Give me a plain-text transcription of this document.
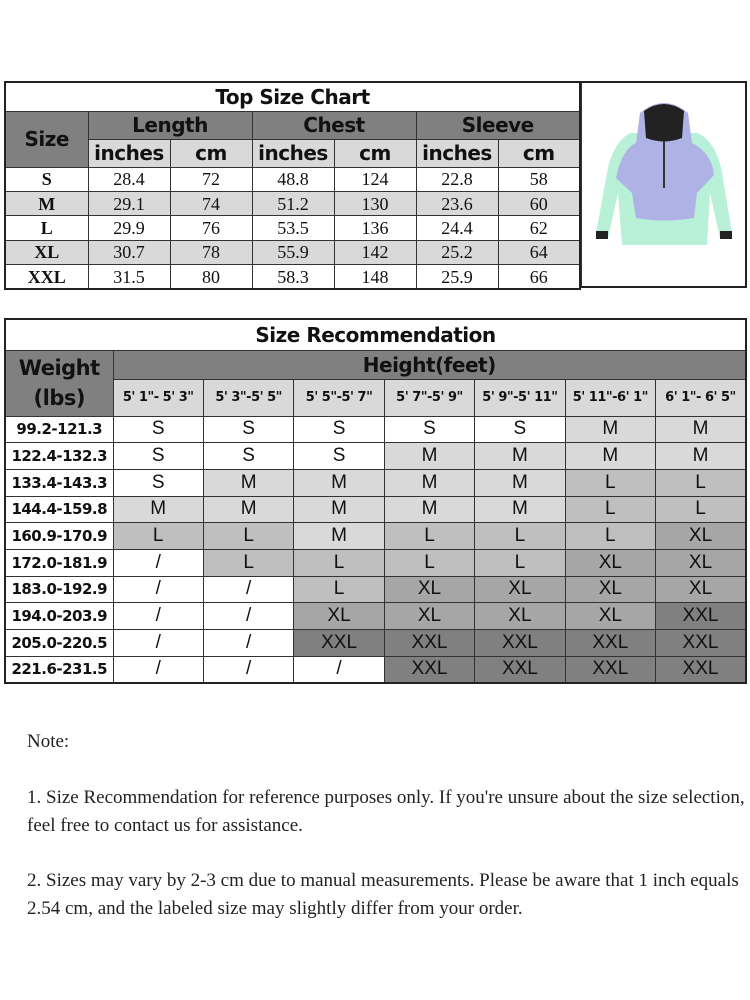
Top Size Chart						
Size	Length		Chest		Sleeve	
	inches	cm	inches	cm	inches	cm
S	28.4	72	48.8	124	22.8	58
M	29.1	74	51.2	130	23.6	60
L	29.9	76	53.5	136	24.4	62
XL	30.7	78	55.9	142	25.2	64
XXL	31.5	80	58.3	148	25.9	66
Size Recommendation							
Weight
(lbs)	Height(feet)						
	5' 1"- 5' 3"	5' 3"-5' 5"	5' 5"-5' 7"	5' 7"-5' 9"	5' 9"-5' 11"	5' 11"-6' 1"	6' 1"- 6' 5"
99.2-121.3	S	S	S	S	S	M	M
122.4-132.3	S	S	S	M	M	M	M
133.4-143.3	S	M	M	M	M	L	L
144.4-159.8	M	M	M	M	M	L	L
160.9-170.9	L	L	M	L	L	L	XL
172.0-181.9	/	L	L	L	L	XL	XL
183.0-192.9	/	/	L	XL	XL	XL	XL
194.0-203.9	/	/	XL	XL	XL	XL	XXL
205.0-220.5	/	/	XXL	XXL	XXL	XXL	XXL
221.6-231.5	/	/	/	XXL	XXL	XXL	XXL
Note:
1. Size Recommendation for reference purposes only. If you're unsure about the size selection, feel free to contact us for assistance.
2. Sizes may vary by 2-3 cm due to manual measurements. Please be aware that 1 inch equals 2.54 cm, and the labeled size may slightly differ from your order.
